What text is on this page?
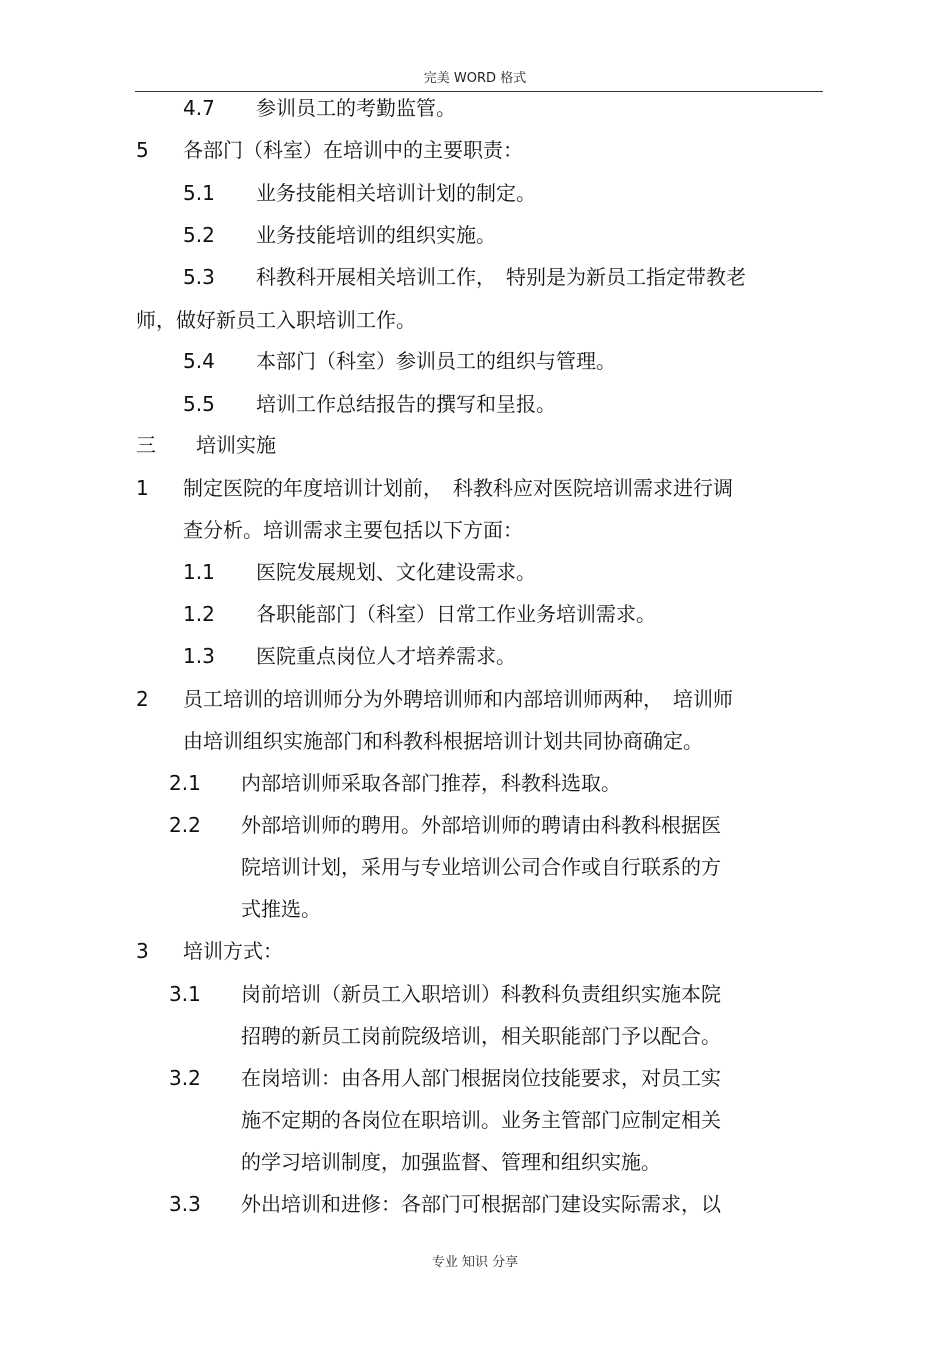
完美 WORD 格式
4.7 参训员工的考勤监管。
5 各部门（科室）在培训中的主要职责：
5.1 业务技能相关培训计划的制定。
5.2 业务技能培训的组织实施。
5.3 科教科开展相关培训工作，　特别是为新员工指定带教老
师，做好新员工入职培训工作。
5.4 本部门（科室）参训员工的组织与管理。
5.5 培训工作总结报告的撰写和呈报。
三 培训实施
1 制定医院的年度培训计划前，　科教科应对医院培训需求进行调
查分析。培训需求主要包括以下方面：
1.1 医院发展规划、文化建设需求。
1.2 各职能部门（科室）日常工作业务培训需求。
1.3 医院重点岗位人才培养需求。
2 员工培训的培训师分为外聘培训师和内部培训师两种，　培训师
由培训组织实施部门和科教科根据培训计划共同协商确定。
2.1 内部培训师采取各部门推荐，科教科选取。
2.2 外部培训师的聘用。外部培训师的聘请由科教科根据医
院培训计划，采用与专业培训公司合作或自行联系的方
式推选。
3 培训方式：
3.1 岗前培训（新员工入职培训）科教科负责组织实施本院
招聘的新员工岗前院级培训，相关职能部门予以配合。
3.2 在岗培训：由各用人部门根据岗位技能要求，对员工实
施不定期的各岗位在职培训。业务主管部门应制定相关
的学习培训制度，加强监督、管理和组织实施。
3.3 外出培训和进修：各部门可根据部门建设实际需求，以
专业 知识 分享
